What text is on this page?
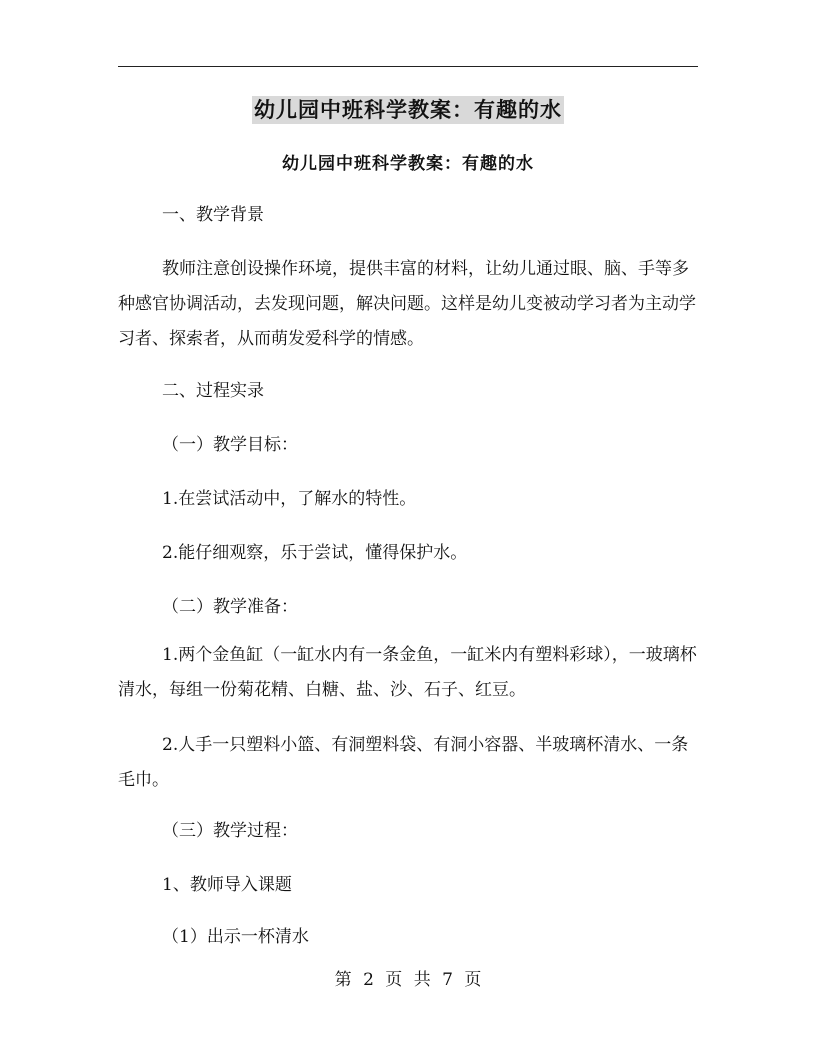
幼儿园中班科学教案：有趣的水
幼儿园中班科学教案：有趣的水
一、教学背景
教师注意创设操作环境，提供丰富的材料，让幼儿通过眼、脑、手等多种感官协调活动，去发现问题，解决问题。这样是幼儿变被动学习者为主动学习者、探索者，从而萌发爱科学的情感。
二、过程实录
（一）教学目标：
1.在尝试活动中，了解水的特性。
2.能仔细观察，乐于尝试，懂得保护水。
（二）教学准备：
1.两个金鱼缸（一缸水内有一条金鱼，一缸米内有塑料彩球），一玻璃杯清水，每组一份菊花精、白糖、盐、沙、石子、红豆。
2.人手一只塑料小篮、有洞塑料袋、有洞小容器、半玻璃杯清水、一条毛巾。
（三）教学过程：
1、教师导入课题
（1）出示一杯清水
第 2 页 共 7 页
